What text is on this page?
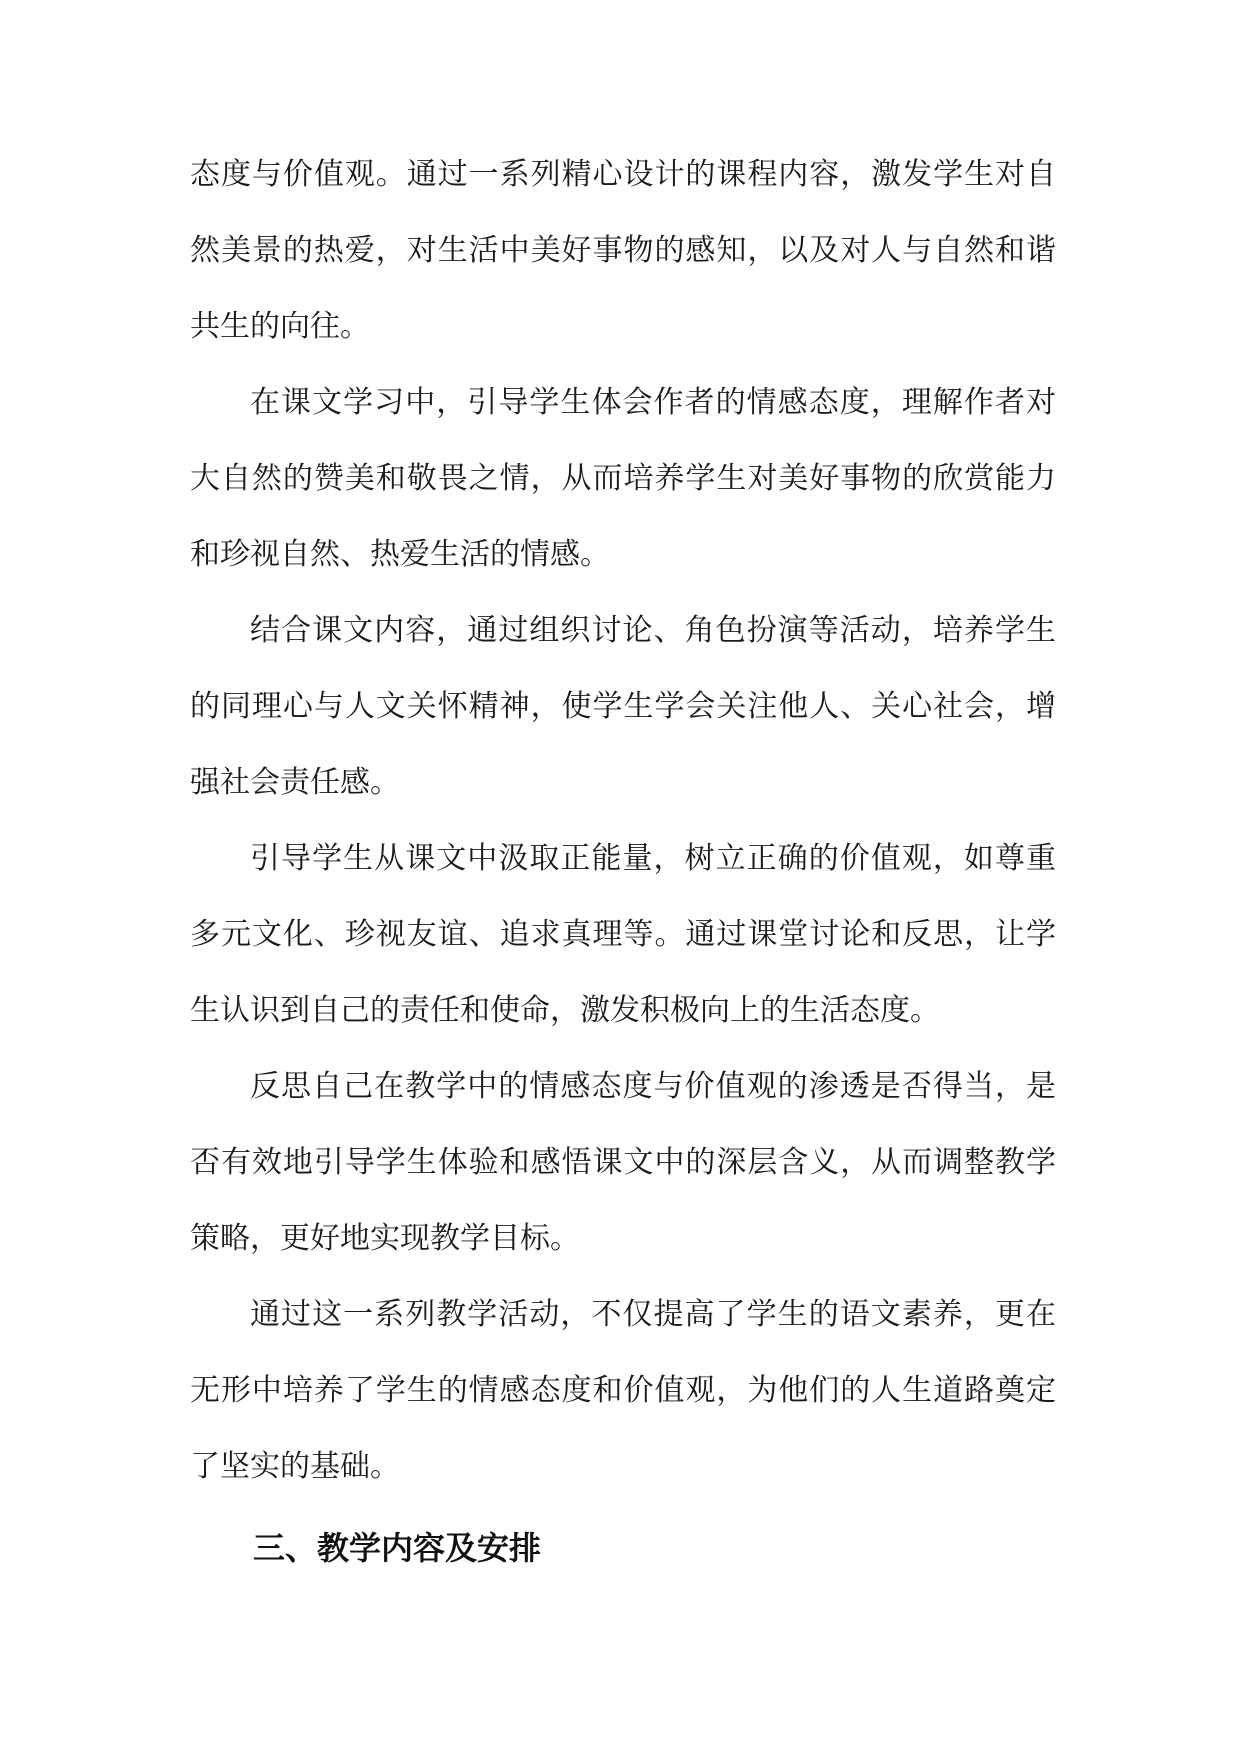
态度与价值观。通过一系列精心设计的课程内容，激发学生对自然美景的热爱，对生活中美好事物的感知，以及对人与自然和谐共生的向往。

在课文学习中，引导学生体会作者的情感态度，理解作者对大自然的赞美和敬畏之情，从而培养学生对美好事物的欣赏能力和珍视自然、热爱生活的情感。

结合课文内容，通过组织讨论、角色扮演等活动，培养学生的同理心与人文关怀精神，使学生学会关注他人、关心社会，增强社会责任感。

引导学生从课文中汲取正能量，树立正确的价值观，如尊重多元文化、珍视友谊、追求真理等。通过课堂讨论和反思，让学生认识到自己的责任和使命，激发积极向上的生活态度。

反思自己在教学中的情感态度与价值观的渗透是否得当，是否有效地引导学生体验和感悟课文中的深层含义，从而调整教学策略，更好地实现教学目标。

通过这一系列教学活动，不仅提高了学生的语文素养，更在无形中培养了学生的情感态度和价值观，为他们的人生道路奠定了坚实的基础。

三、教学内容及安排
